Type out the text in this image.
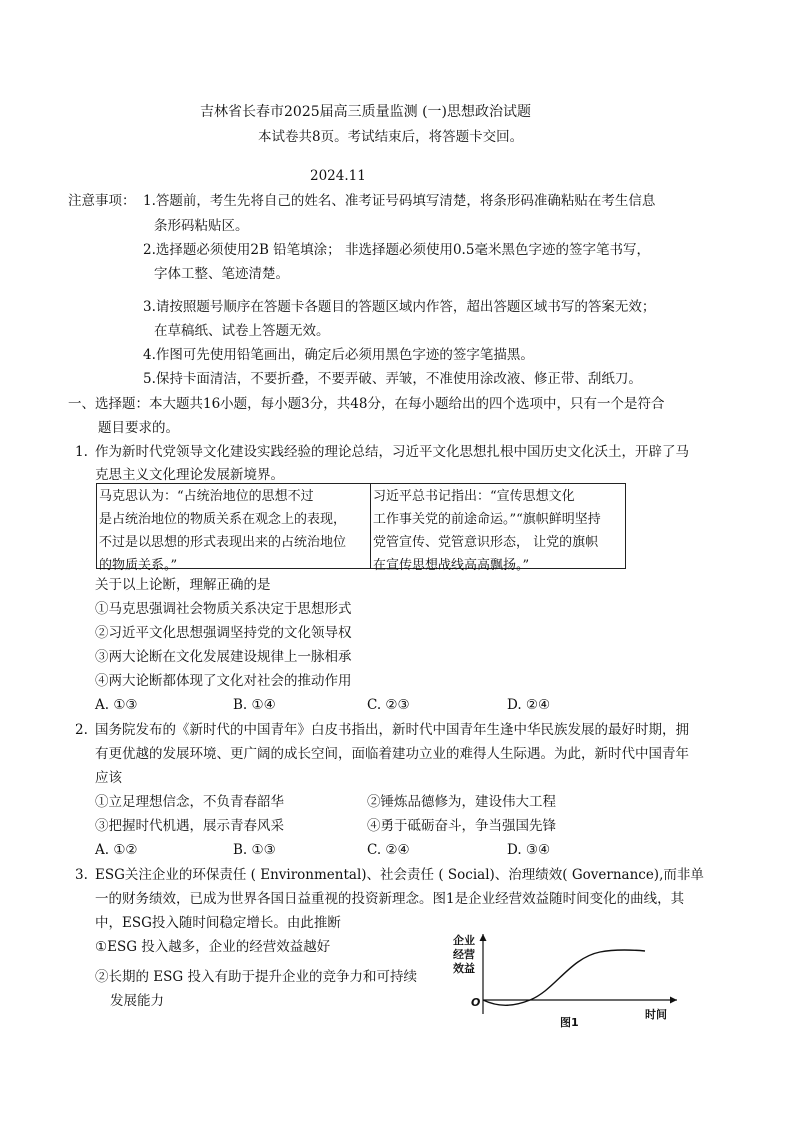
吉林省长春市2025届高三质量监测 (一)思想政治试题
本试卷共8页。考试结束后，将答题卡交回。
2024.11
注意事项： 1.答题前，考生先将自己的姓名、准考证号码填写清楚，将条形码准确粘贴在考生信息
条形码粘贴区。
2.选择题必须使用2B 铅笔填涂； 非选择题必须使用0.5毫米黑色字迹的签字笔书写，
字体工整、笔迹清楚。
3.请按照题号顺序在答题卡各题目的答题区域内作答，超出答题区域书写的答案无效；
在草稿纸、试卷上答题无效。
4.作图可先使用铅笔画出，确定后必须用黑色字迹的签字笔描黑。
5.保持卡面清洁，不要折叠，不要弄破、弄皱，不准使用涂改液、修正带、刮纸刀。
一、选择题：本大题共16小题，每小题3分，共48分，在每小题给出的四个选项中，只有一个是符合
题目要求的。
1. 作为新时代党领导文化建设实践经验的理论总结，习近平文化思想扎根中国历史文化沃土，开辟了马
克思主义文化理论发展新境界。
马克思认为：“占统治地位的思想不过
是占统治地位的物质关系在观念上的表现，
不过是以思想的形式表现出来的占统治地位
的物质关系。”
习近平总书记指出：“宣传思想文化
工作事关党的前途命运。”“旗帜鲜明坚持
党管宣传、党管意识形态， 让党的旗帜
在宣传思想战线高高飘扬。”
关于以上论断，理解正确的是
①马克思强调社会物质关系决定于思想形式
②习近平文化思想强调坚持党的文化领导权
③两大论断在文化发展建设规律上一脉相承
④两大论断都体现了文化对社会的推动作用
A. ①③	B. ①④	C. ②③	D. ②④
2. 国务院发布的《新时代的中国青年》白皮书指出，新时代中国青年生逢中华民族发展的最好时期，拥
有更优越的发展环境、更广阔的成长空间，面临着建功立业的难得人生际遇。为此，新时代中国青年
应该
①立足理想信念，不负青春韶华	②锤炼品德修为，建设伟大工程
③把握时代机遇，展示青春风采	④勇于砥砺奋斗，争当强国先锋
A. ①②	B. ①③	C. ②④	D. ③④
3. ESG关注企业的环保责任 ( Environmental)、社会责任 ( Social)、治理绩效( Governance),而非单
一的财务绩效，已成为世界各国日益重视的投资新理念。图1是企业经营效益随时间变化的曲线，其
中，ESG投入随时间稳定增长。由此推断
①ESG 投入越多，企业的经营效益越好
②长期的 ESG 投入有助于提升企业的竞争力和可持续
发展能力
企业
经营
效益
O
时间
图1
